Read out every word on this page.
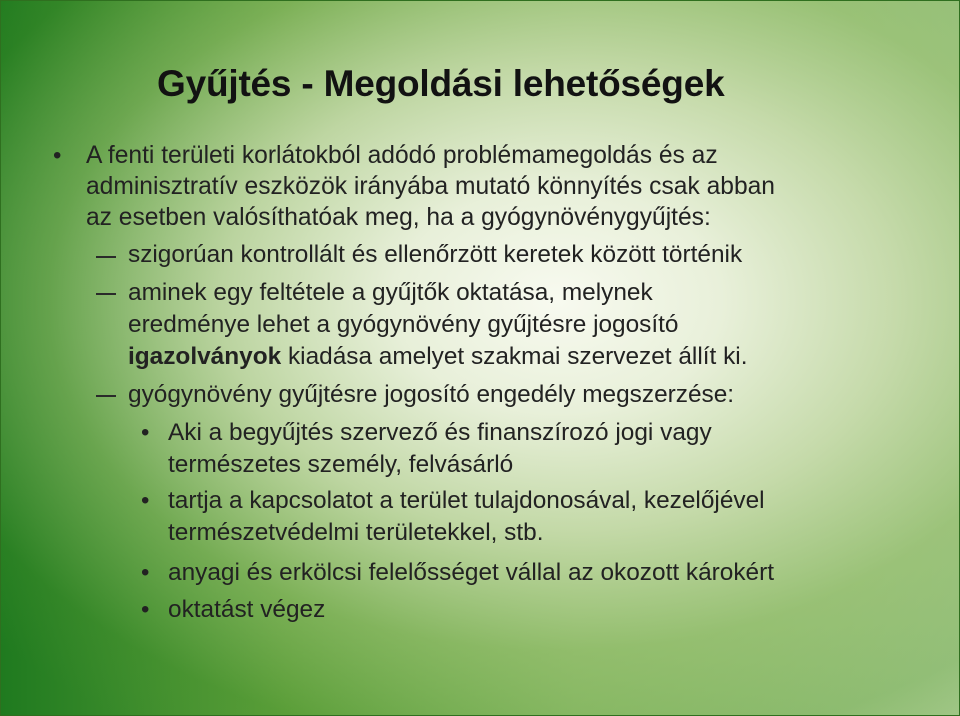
Gyűjtés - Megoldási lehetőségek
• A fenti területi korlátokból adódó problémamegoldás és az
adminisztratív eszközök irányába mutató könnyítés csak abban
az esetben valósíthatóak meg, ha a gyógynövénygyűjtés:
szigorúan kontrollált és ellenőrzött keretek között történik
aminek egy feltétele a gyűjtők oktatása, melynek
eredménye lehet a gyógynövény gyűjtésre jogosító
igazolványok kiadása amelyet szakmai szervezet állít ki.
gyógynövény gyűjtésre jogosító engedély megszerzése:
• Aki a begyűjtés szervező és finanszírozó jogi vagy
természetes személy, felvásárló
• tartja a kapcsolatot a terület tulajdonosával, kezelőjével
természetvédelmi területekkel, stb.
• anyagi és erkölcsi felelősséget vállal az okozott károkért
• oktatást végez
